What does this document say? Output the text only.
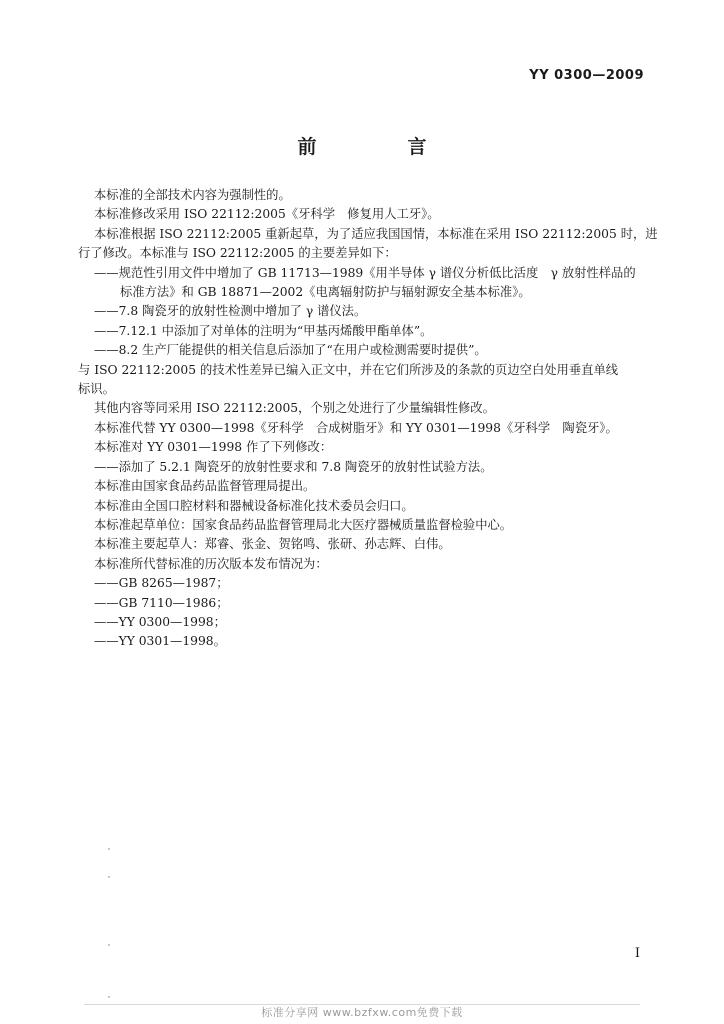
YY 0300—2009
前　言

本标准的全部技术内容为强制性的。

本标准修改采用 ISO 22112:2005《牙科学　修复用人工牙》。

本标准根据 ISO 22112:2005 重新起草，为了适应我国国情，本标准在采用 ISO 22112:2005 时，进

行了修改。本标准与 ISO 22112:2005 的主要差异如下：

——规范性引用文件中增加了 GB 11713—1989《用半导体 γ 谱仪分析低比活度　γ 放射性样品的

标准方法》和 GB 18871—2002《电离辐射防护与辐射源安全基本标准》。

——7.8 陶瓷牙的放射性检测中增加了 γ 谱仪法。

——7.12.1 中添加了对单体的注明为“甲基丙烯酸甲酯单体”。

——8.2 生产厂能提供的相关信息后添加了“在用户或检测需要时提供”。

与 ISO 22112:2005 的技术性差异已编入正文中，并在它们所涉及的条款的页边空白处用垂直单线

标识。

其他内容等同采用 ISO 22112:2005，个别之处进行了少量编辑性修改。

本标准代替 YY 0300—1998《牙科学　合成树脂牙》和 YY 0301—1998《牙科学　陶瓷牙》。

本标准对 YY 0301—1998 作了下列修改：

——添加了 5.2.1 陶瓷牙的放射性要求和 7.8 陶瓷牙的放射性试验方法。

本标准由国家食品药品监督管理局提出。

本标准由全国口腔材料和器械设备标准化技术委员会归口。

本标准起草单位：国家食品药品监督管理局北大医疗器械质量监督检验中心。

本标准主要起草人：郑睿、张金、贺铭鸣、张研、孙志辉、白伟。

本标准所代替标准的历次版本发布情况为：

——GB 8265—1987；

——GB 7110—1986；

——YY 0300—1998；

——YY 0301—1998。

I
标准分享网 www.bzfxw.com免费下载
